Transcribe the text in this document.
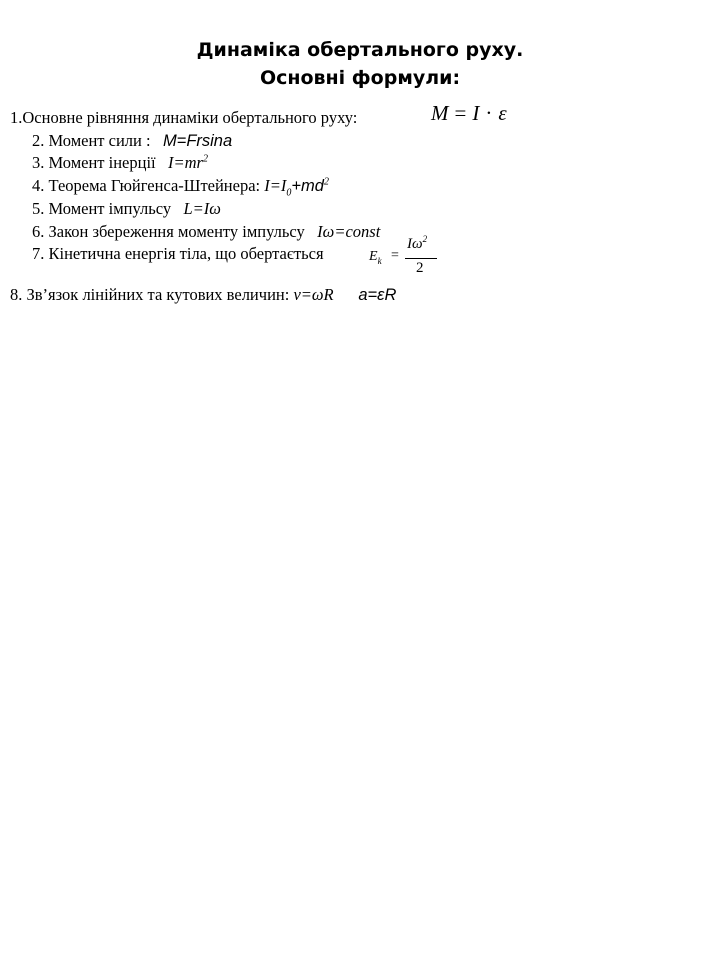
Динаміка обертального руху.
Основні формули:
1.Основне рівняння динаміки обертального руху:	M = I · ε
2. Момент сили : M=Frsina
3. Момент інерції $I=mr^2$
4. Теорема Гюйгенса-Штейнера: $I=I_0+md^2$
5. Момент імпульсу L=Iω
6. Закон збереження моменту імпульсу Iω=const
7. Кінетична енергія тіла, що обертається	$E_k$ =
$I\omega^2$
2
8. Зв’язок лінійних та кутових величин: v=ωR a=εR
